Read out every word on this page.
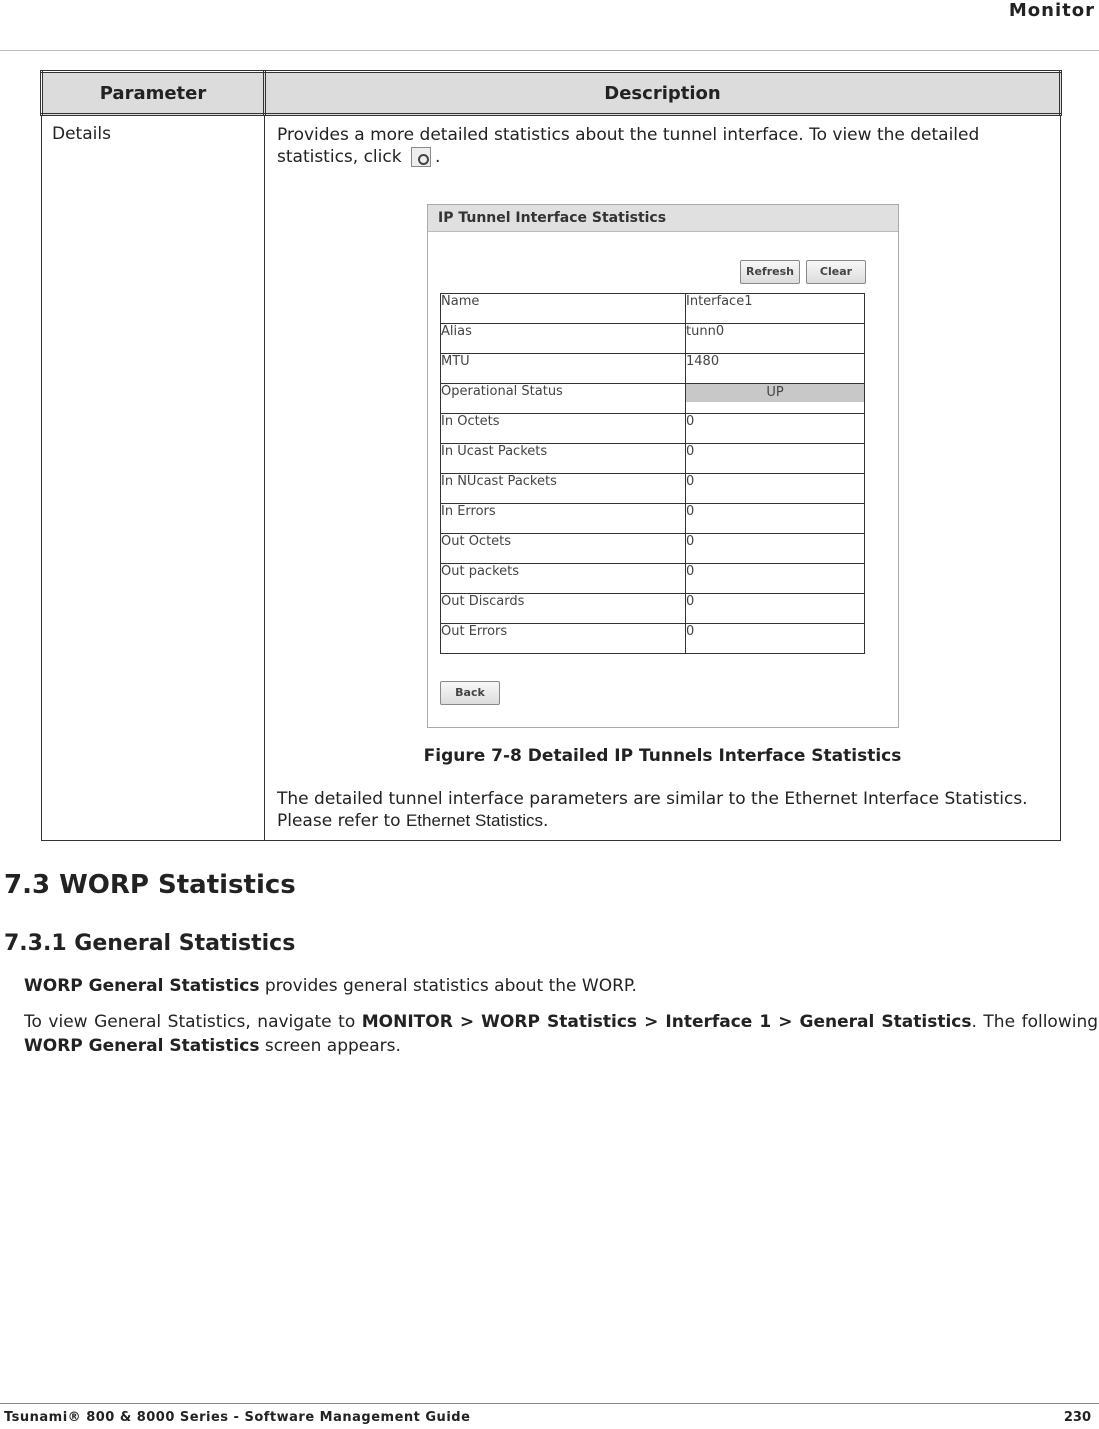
Monitor
Parameter	Description

Details	Provides a more detailed statistics about the tunnel interface. To view the detailed

statistics, click .

IP Tunnel Interface Statistics
Refresh	Clear
Name	Interface1
Alias	tunn0
MTU	1480
Operational Status	UP

In Octets	0
In Ucast Packets	0
In NUcast Packets	0
In Errors	0
Out Octets	0
Out packets	0
Out Discards	0
Out Errors	0
Back
Figure 7-8 Detailed IP Tunnels Interface Statistics

The detailed tunnel interface parameters are similar to the Ethernet Interface Statistics.

Please refer to Ethernet Statistics.

7.3 WORP Statistics
7.3.1 General Statistics

WORP General Statistics provides general statistics about the WORP.

To view General Statistics, navigate to MONITOR > WORP Statistics > Interface 1 > General Statistics. The following WORP General Statistics screen appears.

Tsunami® 800 & 8000 Series - Software Management Guide	230
